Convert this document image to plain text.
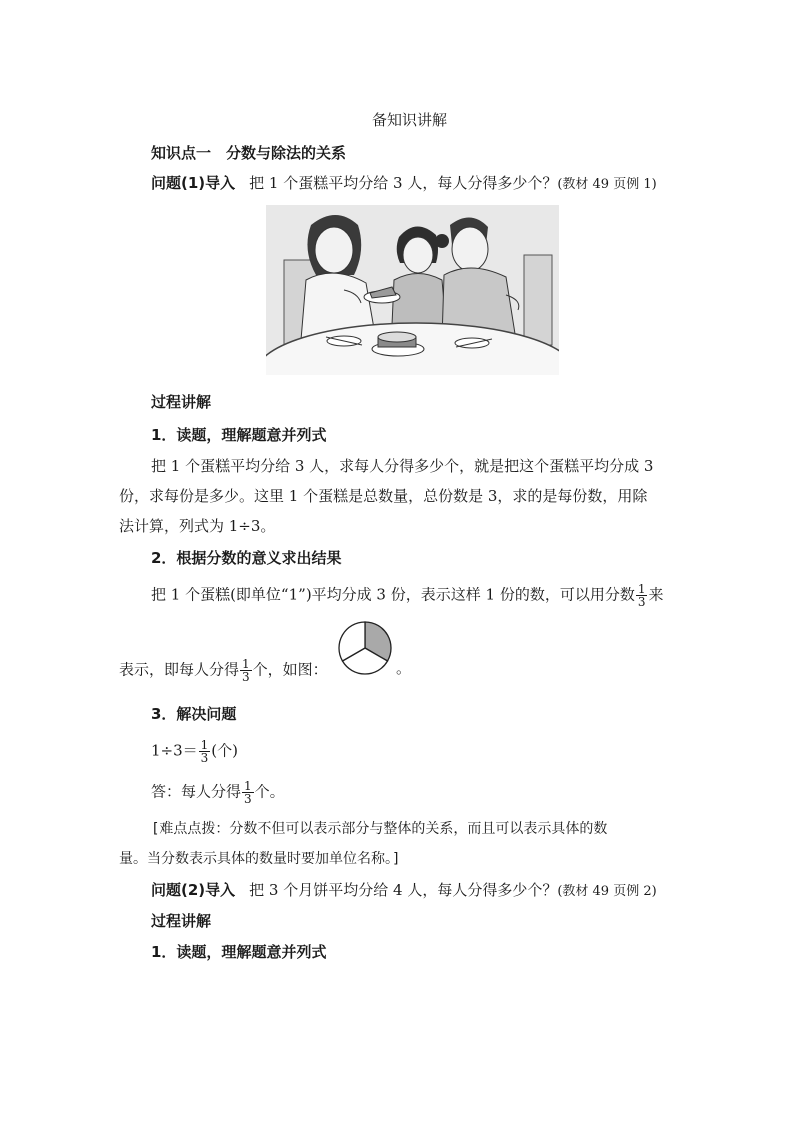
备知识讲解
知识点一　分数与除法的关系
问题(1)导入 把 1 个蛋糕平均分给 3 人，每人分得多少个？(教材 49 页例 1)
过程讲解
1．读题，理解题意并列式
把 1 个蛋糕平均分给 3 人，求每人分得多少个，就是把这个蛋糕平均分成 3
份，求每份是多少。这里 1 个蛋糕是总数量，总份数是 3，求的是每份数，用除
法计算，列式为 1÷3。
2．根据分数的意义求出结果
把 1 个蛋糕(即单位“1”)平均分成 3 份，表示这样 1 份的数，可以用分数 $\frac{1}{3}$ 来
表示，即每人分得 $\frac{1}{3}$ 个，如图：	。
3．解决问题
$1\div 3= \frac{1}{3}$ (个)
答：每人分得 $\frac{1}{3}$ 个。
[难点点拨：分数不但可以表示部分与整体的关系，而且可以表示具体的数
量。当分数表示具体的数量时要加单位名称。]
问题(2)导入 把 3 个月饼平均分给 4 人，每人分得多少个？(教材 49 页例 2)
过程讲解
1．读题，理解题意并列式
